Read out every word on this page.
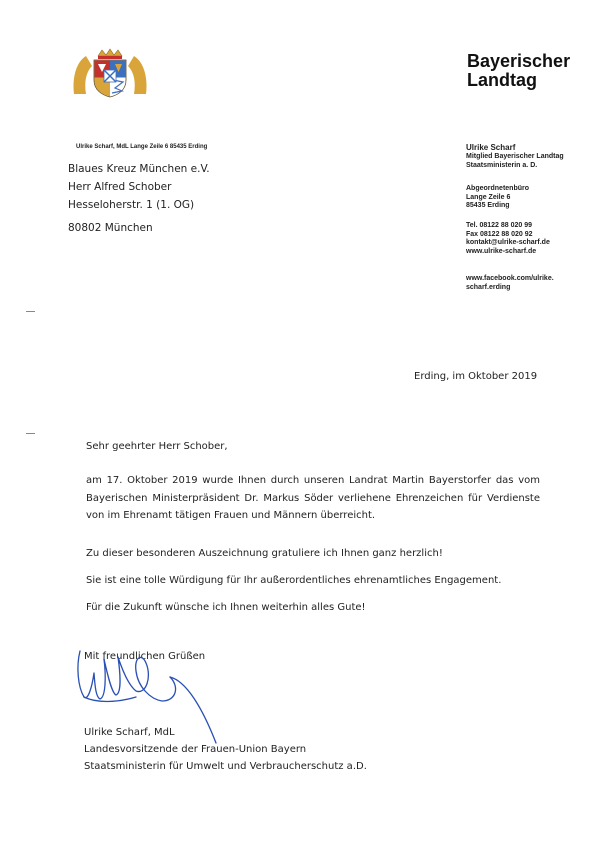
Bayerischer
Landtag
Ulrike Scharf, MdL Lange Zeile 6 85435 Erding
Blaues Kreuz München e.V.
Herr Alfred Schober
Hesseloherstr. 1 (1. OG)
80802 München
Ulrike Scharf
Mitglied Bayerischer Landtag
Staatsministerin a. D.
Abgeordnetenbüro
Lange Zeile 6
85435 Erding
Tel. 08122 88 020 99
Fax 08122 88 020 92
kontakt@ulrike-scharf.de
www.ulrike-scharf.de
www.facebook.com/ulrike.
scharf.erding
Erding, im Oktober 2019
Sehr geehrter Herr Schober,
am 17. Oktober 2019 wurde Ihnen durch unseren Landrat Martin Bayerstorfer das vom Bayerischen Ministerpräsident Dr. Markus Söder verliehene Ehrenzeichen für Verdienste von im Ehrenamt tätigen Frauen und Männern überreicht.
Zu dieser besonderen Auszeichnung gratuliere ich Ihnen ganz herzlich!
Sie ist eine tolle Würdigung für Ihr außerordentliches ehrenamtliches Engagement.
Für die Zukunft wünsche ich Ihnen weiterhin alles Gute!
Mit freundlichen Grüßen
Ulrike Scharf, MdL
Landesvorsitzende der Frauen-Union Bayern
Staatsministerin für Umwelt und Verbraucherschutz a.D.
